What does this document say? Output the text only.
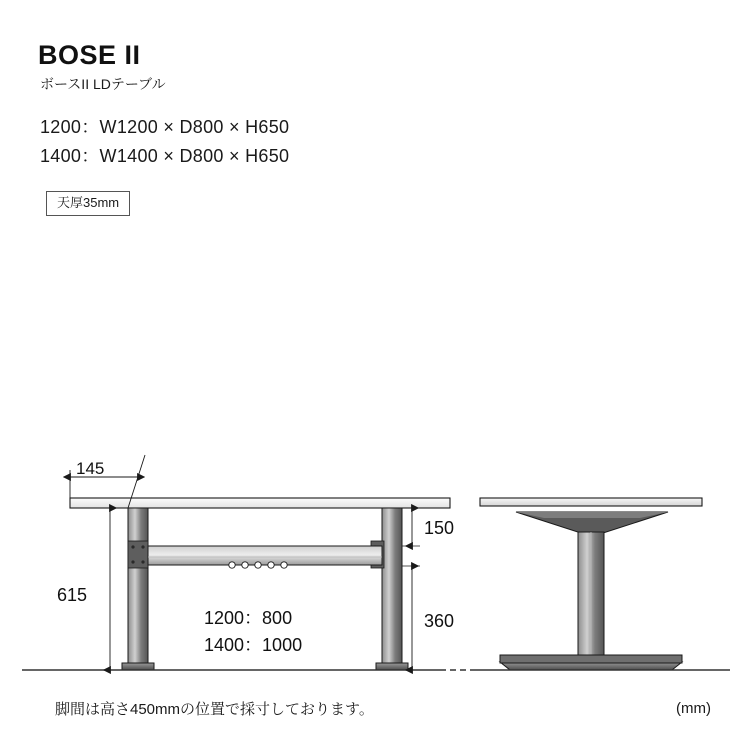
BOSE II
ボースII LDテーブル
1200：W1200 × D800 × H650
1400：W1400 × D800 × H650
天厚35mm
145
615
150
360
1200：800
1400：1000
脚間は高さ450mmの位置で採寸しております。	(mm)
